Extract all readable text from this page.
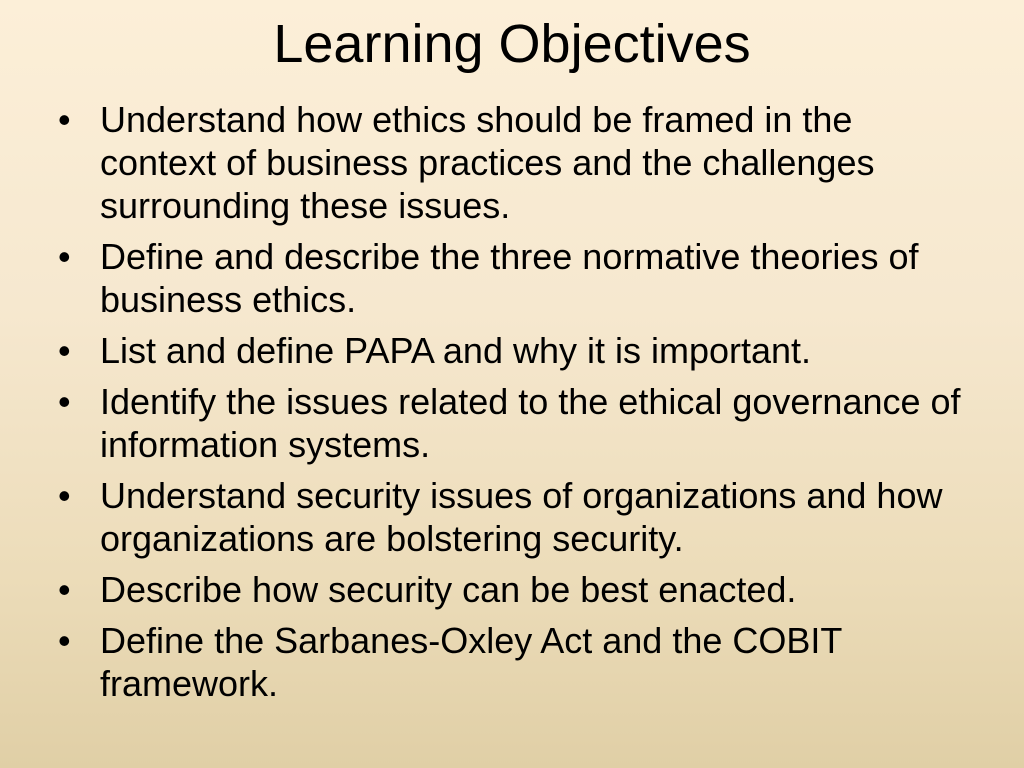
Learning Objectives
• Understand how ethics should be framed in the context of business practices and the challenges surrounding these issues.
• Define and describe the three normative theories of business ethics.
• List and define PAPA and why it is important.
• Identify the issues related to the ethical governance of information systems.
• Understand security issues of organizations and how organizations are bolstering security.
• Describe how security can be best enacted.
• Define the Sarbanes-Oxley Act and the COBIT framework.
